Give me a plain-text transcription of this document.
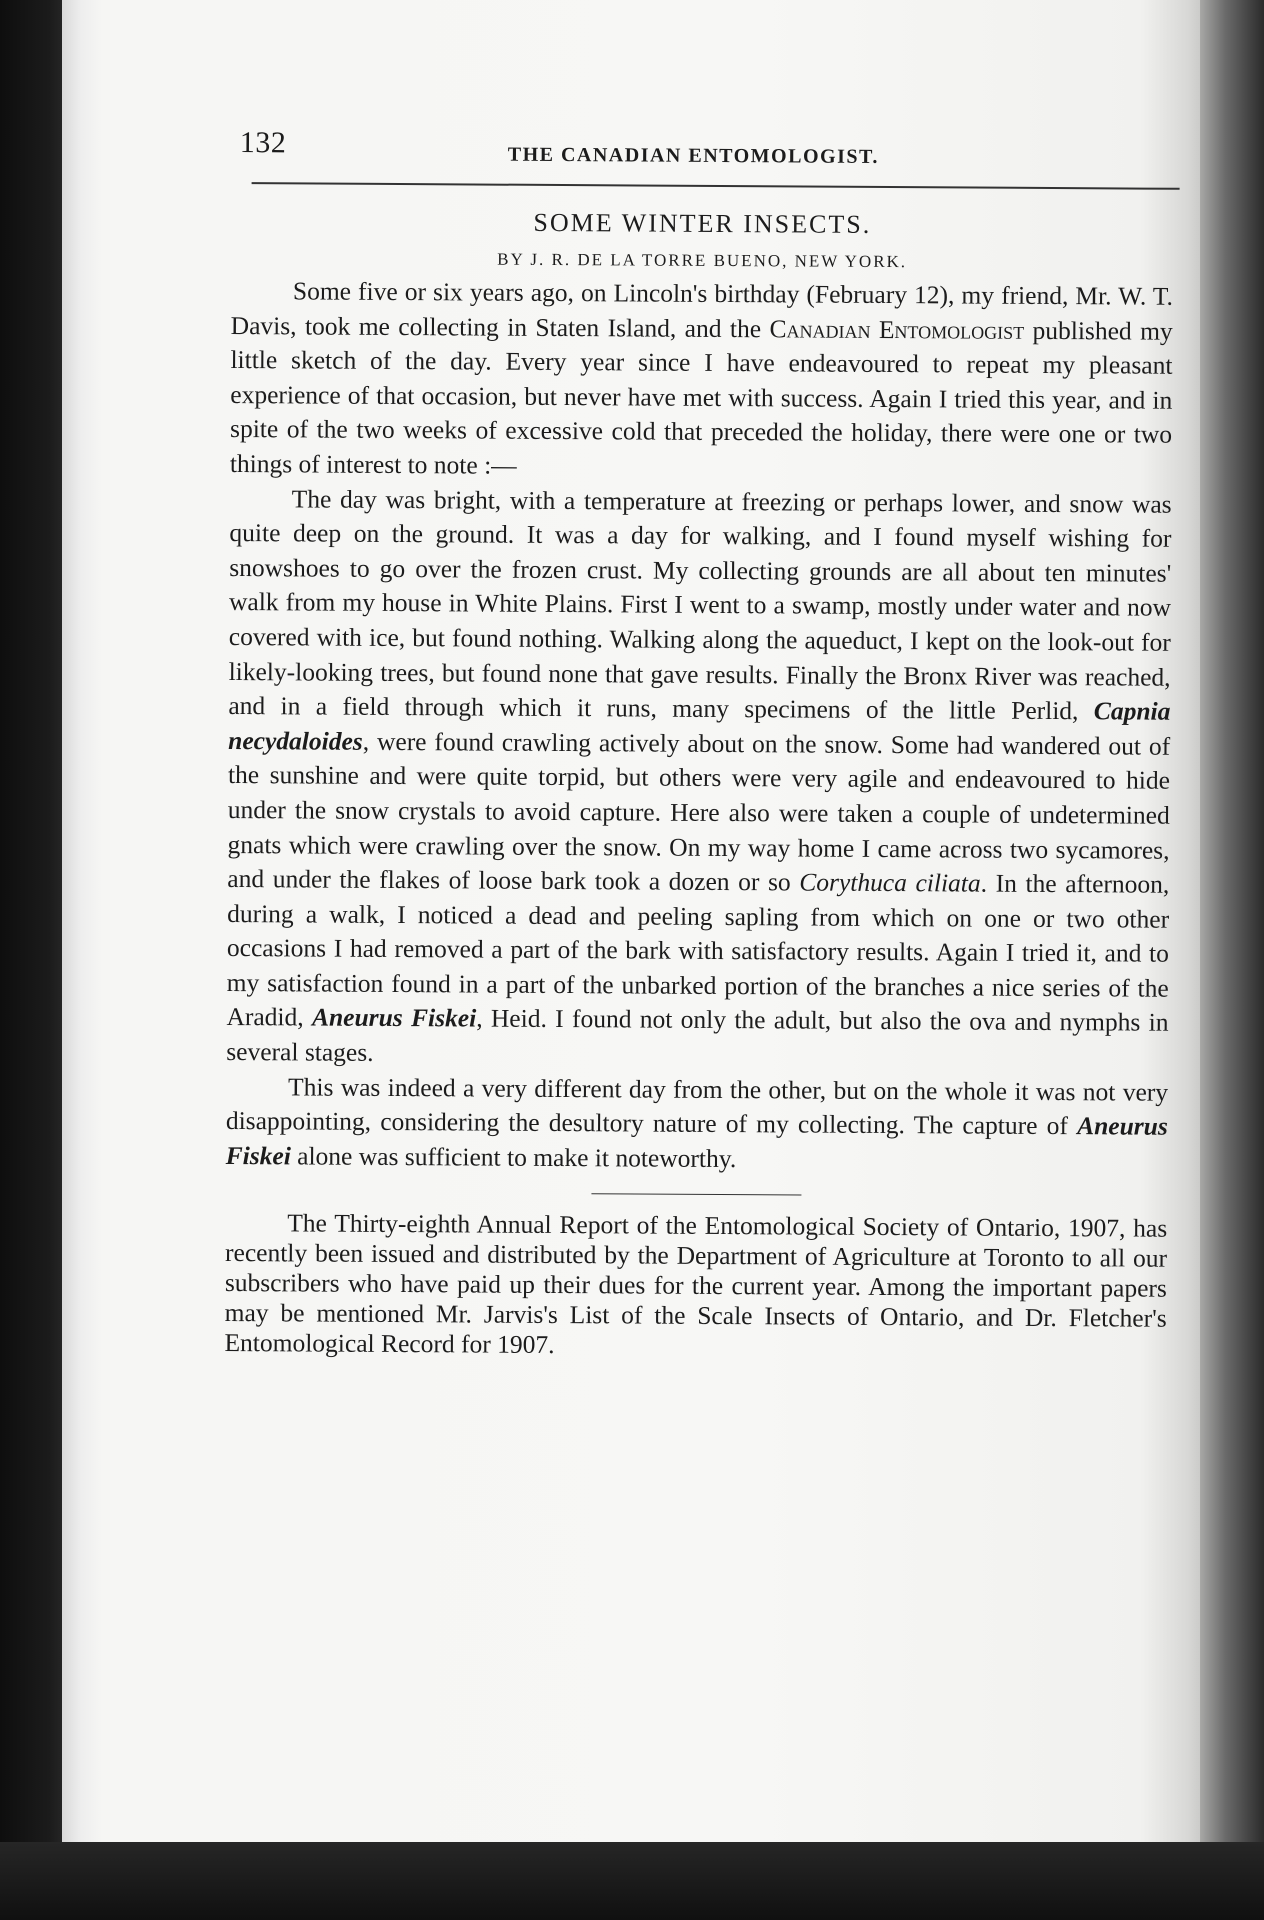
132	THE CANADIAN ENTOMOLOGIST.
SOME WINTER INSECTS.
BY J. R. DE LA TORRE BUENO, NEW YORK.

Some five or six years ago, on Lincoln's birthday (February 12), my friend, Mr. W. T. Davis, took me collecting in Staten Island, and the Canadian Entomologist published my little sketch of the day. Every year since I have endeavoured to repeat my pleasant experience of that occasion, but never have met with success. Again I tried this year, and in spite of the two weeks of excessive cold that preceded the holiday, there were one or two things of interest to note :—

The day was bright, with a temperature at freezing or perhaps lower, and snow was quite deep on the ground. It was a day for walking, and I found myself wishing for snowshoes to go over the frozen crust. My collecting grounds are all about ten minutes' walk from my house in White Plains. First I went to a swamp, mostly under water and now covered with ice, but found nothing. Walking along the aqueduct, I kept on the look-out for likely-looking trees, but found none that gave results. Finally the Bronx River was reached, and in a field through which it runs, many specimens of the little Perlid, Capnia necydaloides, were found crawling actively about on the snow. Some had wandered out of the sunshine and were quite torpid, but others were very agile and endeavoured to hide under the snow crystals to avoid capture. Here also were taken a couple of undetermined gnats which were crawling over the snow. On my way home I came across two sycamores, and under the flakes of loose bark took a dozen or so Corythuca ciliata. In the afternoon, during a walk, I noticed a dead and peeling sapling from which on one or two other occasions I had removed a part of the bark with satisfactory results. Again I tried it, and to my satisfaction found in a part of the unbarked portion of the branches a nice series of the Aradid, Aneurus Fiskei, Heid. I found not only the adult, but also the ova and nymphs in several stages.

This was indeed a very different day from the other, but on the whole it was not very disappointing, considering the desultory nature of my collecting. The capture of Aneurus Fiskei alone was sufficient to make it noteworthy.

The Thirty-eighth Annual Report of the Entomological Society of Ontario, 1907, has recently been issued and distributed by the Department of Agriculture at Toronto to all our subscribers who have paid up their dues for the current year. Among the important papers may be mentioned Mr. Jarvis's List of the Scale Insects of Ontario, and Dr. Fletcher's Entomological Record for 1907.
